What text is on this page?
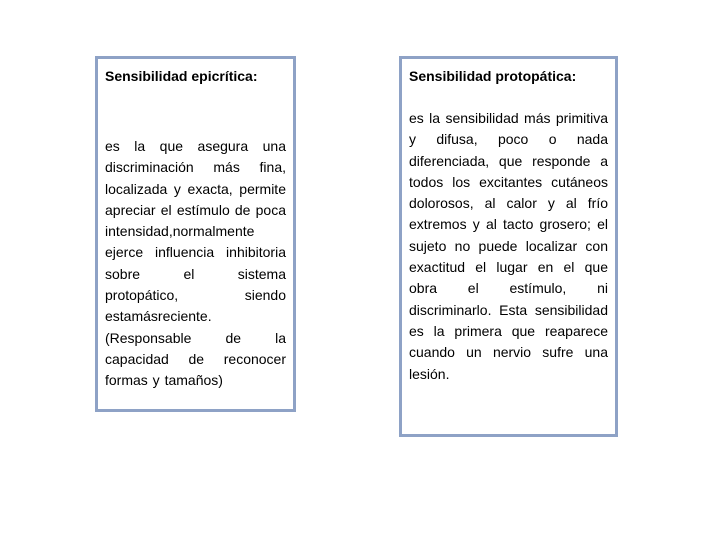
Sensibilidad epicrítica:

es la que asegura una discriminación más fina, localizada y exacta, permite apreciar el estímulo de poca intensidad,normalmente ejerce influencia inhibitoria sobre el sistema protopático, siendo estamásreciente. (Responsable de la capacidad de reconocer formas y tamaños)

Sensibilidad protopática:

es la sensibilidad más primitiva y difusa, poco o nada diferenciada, que responde a todos los excitantes cutáneos dolorosos, al calor y al frío extremos y al tacto grosero; el sujeto no puede localizar con exactitud el lugar en el que obra el estímulo, ni discriminarlo. Esta sensibilidad es la primera que reaparece cuando un nervio sufre una lesión.
